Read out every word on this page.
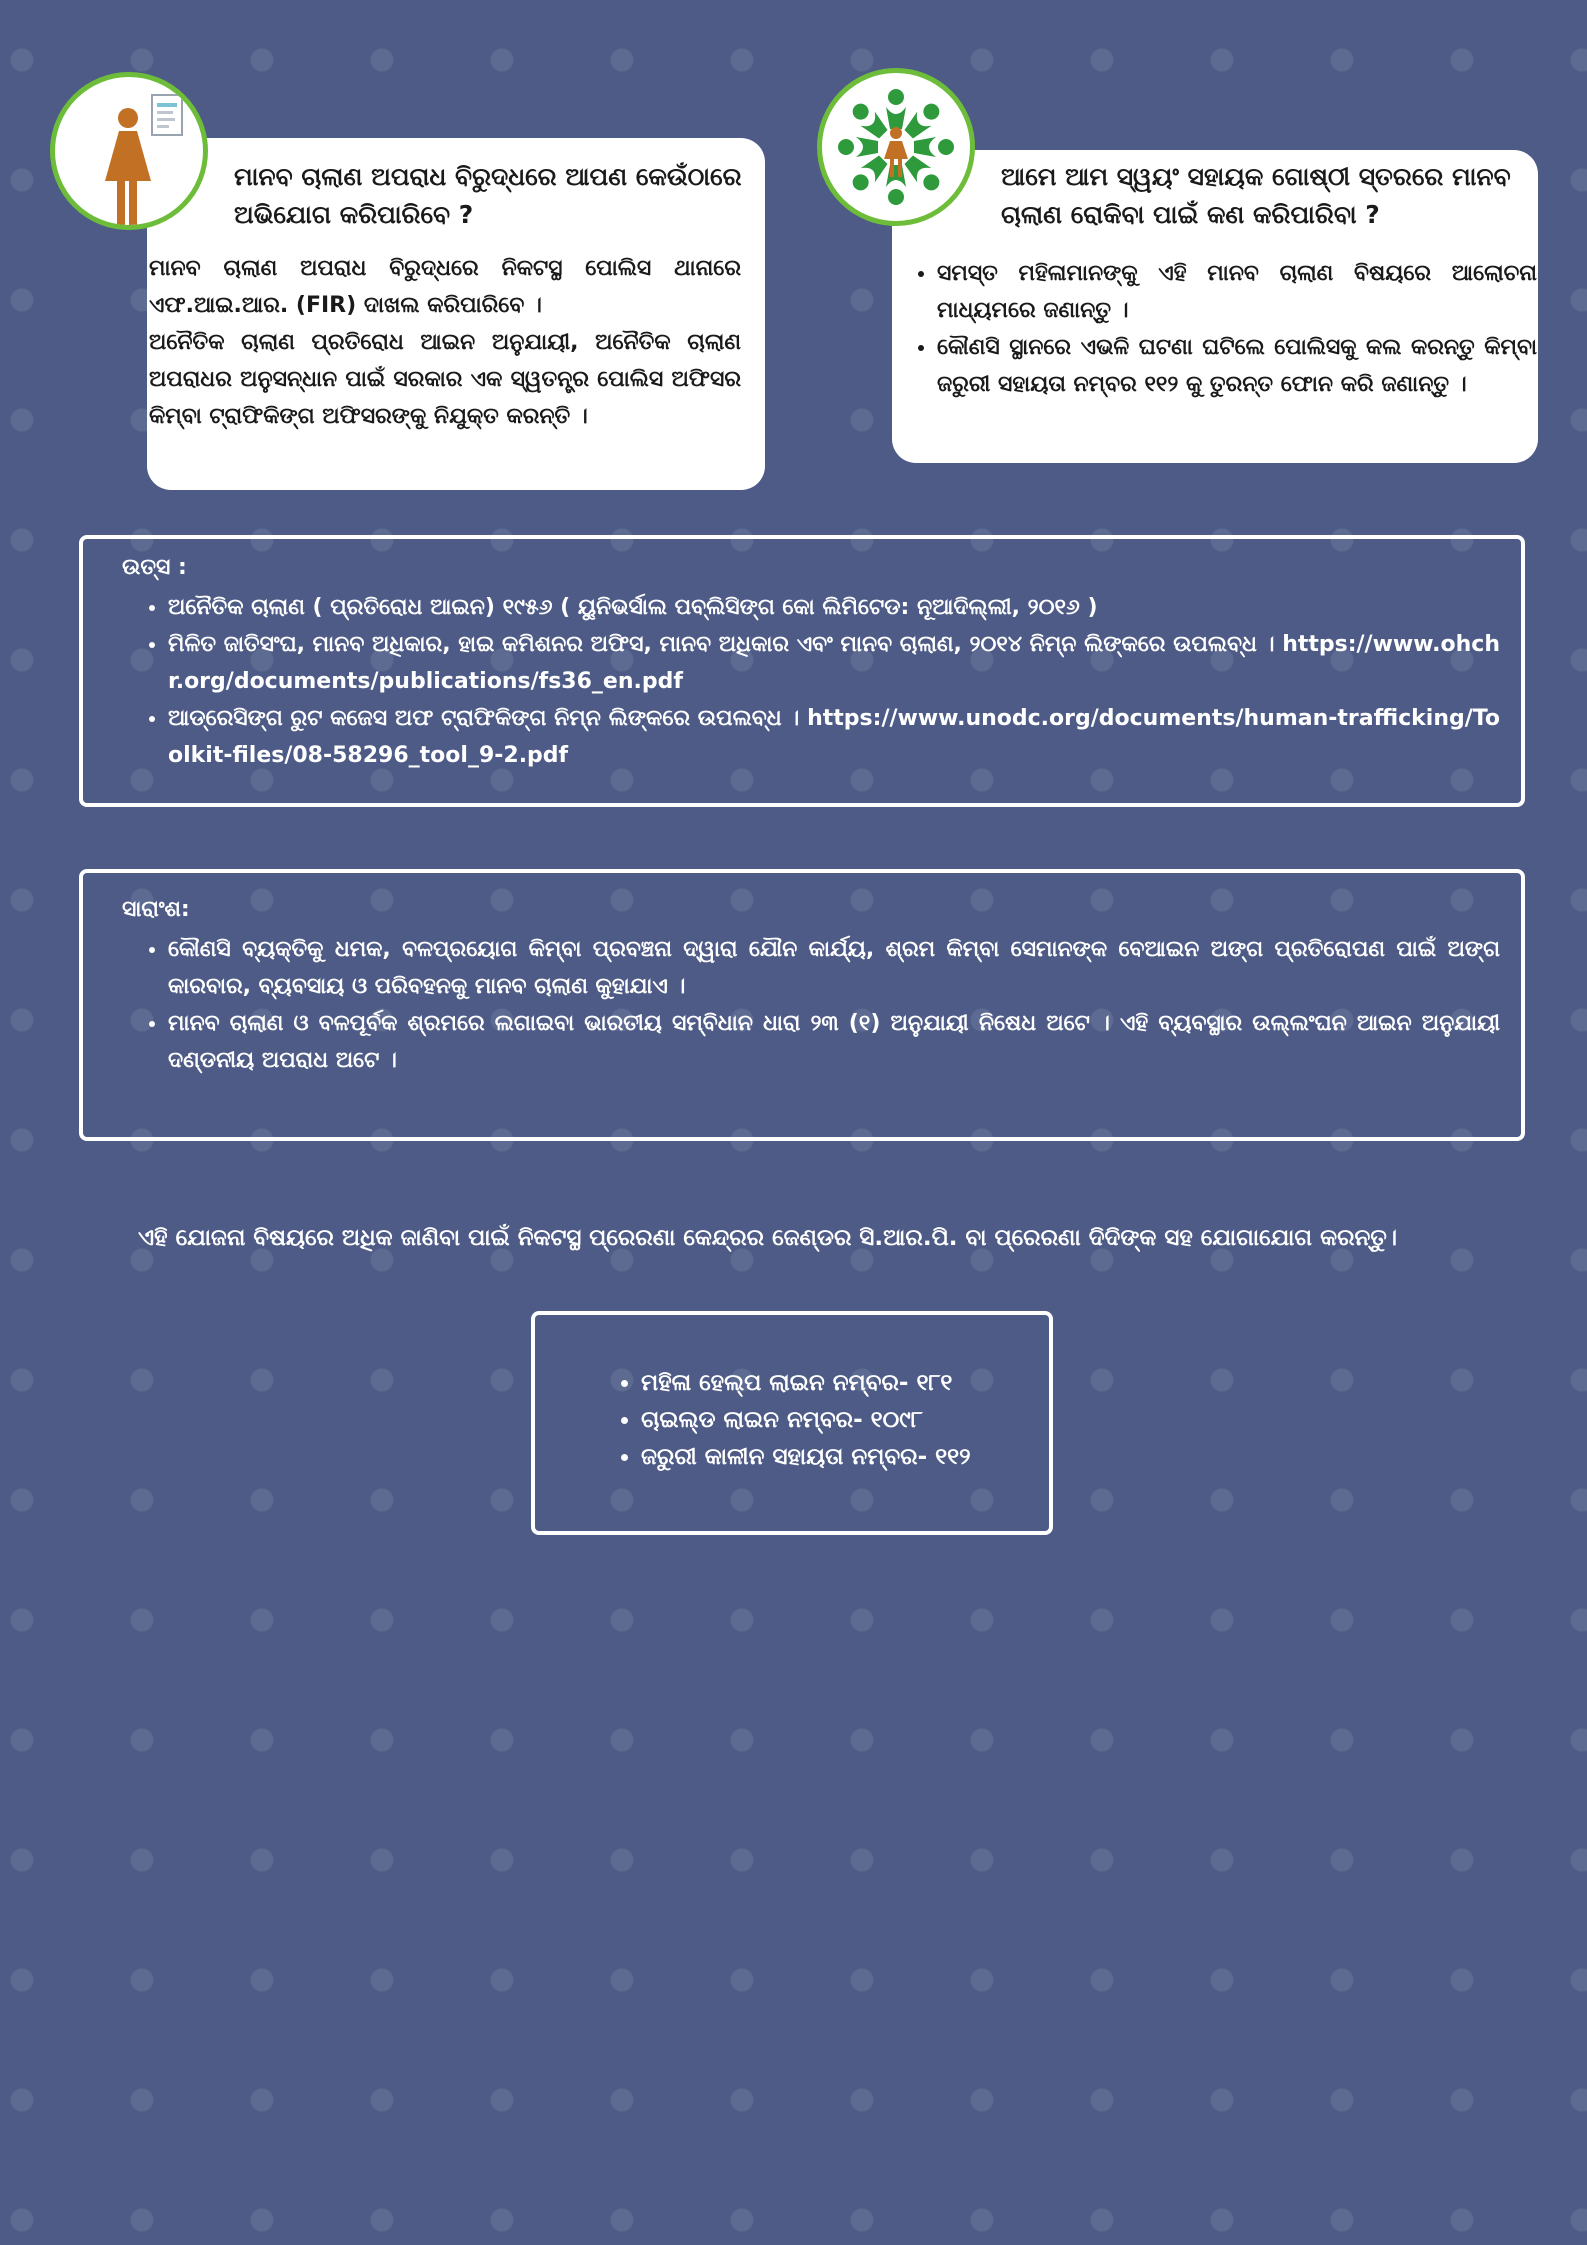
ମାନବ ଚାଲାଣ ଅପରାଧ ବିରୁଦ୍ଧରେ ଆପଣ କେଉଁଠାରେ ଅଭିଯୋଗ କରିପାରିବେ ?

ମାନବ ଚାଲାଣ ଅପରାଧ ବିରୁଦ୍ଧରେ ନିକଟସ୍ଥ ପୋଲିସ ଥାନାରେ ଏଫ.ଆଇ.ଆର. (FIR) ଦାଖଲ କରିପାରିବେ ।

ଅନୈତିକ ଚାଲାଣ ପ୍ରତିରୋଧ ଆଇନ ଅନୁଯାୟୀ, ଅନୈତିକ ଚାଲାଣ ଅପରାଧର ଅନୁସନ୍ଧାନ ପାଇଁ ସରକାର ଏକ ସ୍ୱତନ୍ତ୍ର ପୋଲିସ ଅଫିସର କିମ୍ବା ଟ୍ରାଫିକିଙ୍ଗ ଅଫିସରଙ୍କୁ ନିଯୁକ୍ତ କରନ୍ତି ।

ଆମେ ଆମ ସ୍ୱୟଂ ସହାୟକ ଗୋଷ୍ଠୀ ସ୍ତରରେ ମାନବ ଚାଲାଣ ରୋକିବା ପାଇଁ କଣ କରିପାରିବା ?
• ସମସ୍ତ ମହିଳାମାନଙ୍କୁ ଏହି ମାନବ ଚାଲାଣ ବିଷୟରେ ଆଲୋଚନା ମାଧ୍ୟମରେ ଜଣାନ୍ତୁ ।
• କୌଣସି ସ୍ଥାନରେ ଏଭଳି ଘଟଣା ଘଟିଲେ ପୋଲିସକୁ କଲ କରନ୍ତୁ କିମ୍ବା ଜରୁରୀ ସହାୟତା ନମ୍ବର ୧୧୨ କୁ ତୁରନ୍ତ ଫୋନ କରି ଜଣାନ୍ତୁ ।

ଉତ୍ସ :

• ଅନୈତିକ ଚାଲାଣ ( ପ୍ରତିରୋଧ ଆଇନ) ୧୯୫୬ ( ୟୁନିଭର୍ସାଲ ପବ୍ଲିସିଙ୍ଗ କୋ ଲିମିଟେଡ: ନୂଆଦିଲ୍ଲୀ, ୨୦୧୬ )
• ମିଳିତ ଜାତିସଂଘ, ମାନବ ଅଧିକାର, ହାଇ କମିଶନର ଅଫିସ, ମାନବ ଅଧିକାର ଏବଂ ମାନବ ଚାଲାଣ, ୨୦୧୪ ନିମ୍ନ ଲିଙ୍କରେ ଉପଲବ୍ଧ । https://www.ohchr.org/documents/publications/fs36_en.pdf
• ଆଡ୍ରେସିଙ୍ଗ ରୁଟ କଜେସ ଅଫ ଟ୍ରାଫିକିଙ୍ଗ ନିମ୍ନ ଲିଙ୍କରେ ଉପଲବ୍ଧ । https://www.unodc.org/documents/human-trafficking/Toolkit-files/08-58296_tool_9-2.pdf

ସାରାଂଶ:

• କୌଣସି ବ୍ୟକ୍ତିକୁ ଧମକ, ବଳପ୍ରୟୋଗ କିମ୍ବା ପ୍ରବଞ୍ଚନା ଦ୍ୱାରା ଯୌନ କାର୍ଯ୍ୟ, ଶ୍ରମ କିମ୍ବା ସେମାନଙ୍କ ବେଆଇନ ଅଙ୍ଗ ପ୍ରତିରୋପଣ ପାଇଁ ଅଙ୍ଗ କାରବାର, ବ୍ୟବସାୟ ଓ ପରିବହନକୁ ମାନବ ଚାଲାଣ କୁହାଯାଏ ।
• ମାନବ ଚାଲାଣ ଓ ବଳପୂର୍ବକ ଶ୍ରମରେ ଲଗାଇବା ଭାରତୀୟ ସମ୍ବିଧାନ ଧାରା ୨୩ (୧) ଅନୁଯାୟୀ ନିଷେଧ ଅଟେ । ଏହି ବ୍ୟବସ୍ଥାର ଉଲ୍ଲଂଘନ ଆଇନ ଅନୁଯାୟୀ ଦଣ୍ଡନୀୟ ଅପରାଧ ଅଟେ ।

ଏହି ଯୋଜନା ବିଷୟରେ ଅଧିକ ଜାଣିବା ପାଇଁ ନିକଟସ୍ଥ ପ୍ରେରଣା କେନ୍ଦ୍ରର ଜେଣ୍ଡର ସି.ଆର.ପି. ବା ପ୍ରେରଣା ଦିଦିଙ୍କ ସହ ଯୋଗାଯୋଗ କରନ୍ତୁ।

• ମହିଳା ହେଲ୍ପ ଲାଇନ ନମ୍ବର- ୧୮୧
• ଚାଇଲ୍ଡ ଲାଇନ ନମ୍ବର- ୧୦୯୮
• ଜରୁରୀ କାଳୀନ ସହାୟତା ନମ୍ବର- ୧୧୨
